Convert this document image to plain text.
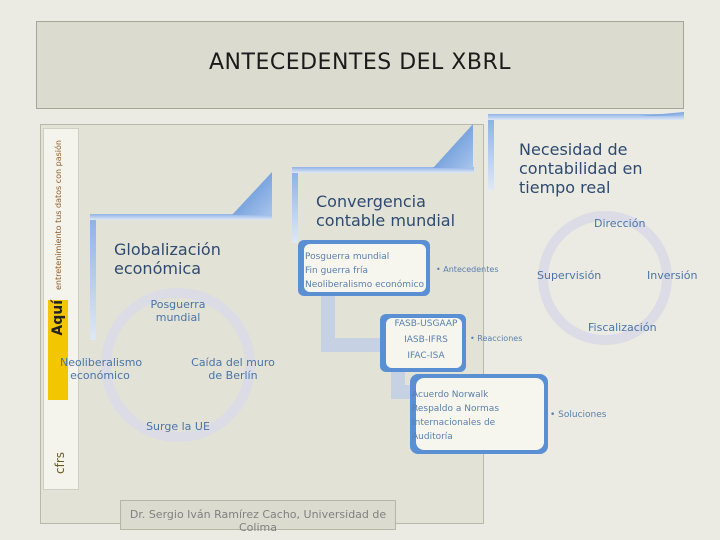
ANTECEDENTES DEL XBRL
entretenimiento tus datos con pasión
Aquí
cfrs
Globalización económica
Convergencia contable mundial
Necesidad de contabilidad en tiempo real
Posguerra mundial
Neoliberalismo económico
Caída del muro de Berlín
Surge la UE
Posguerra mundial
Fin guerra fría
Neoliberalismo económico
• Antecedentes
FASB-USGAAP
IASB-IFRS
IFAC-ISA
• Reacciones
Acuerdo Norwalk
Respaldo a Normas
Internacionales de Auditoría
• Soluciones
Dirección
Supervisión	Inversión
Fiscalización
Dr. Sergio Iván Ramírez Cacho, Universidad de Colima
